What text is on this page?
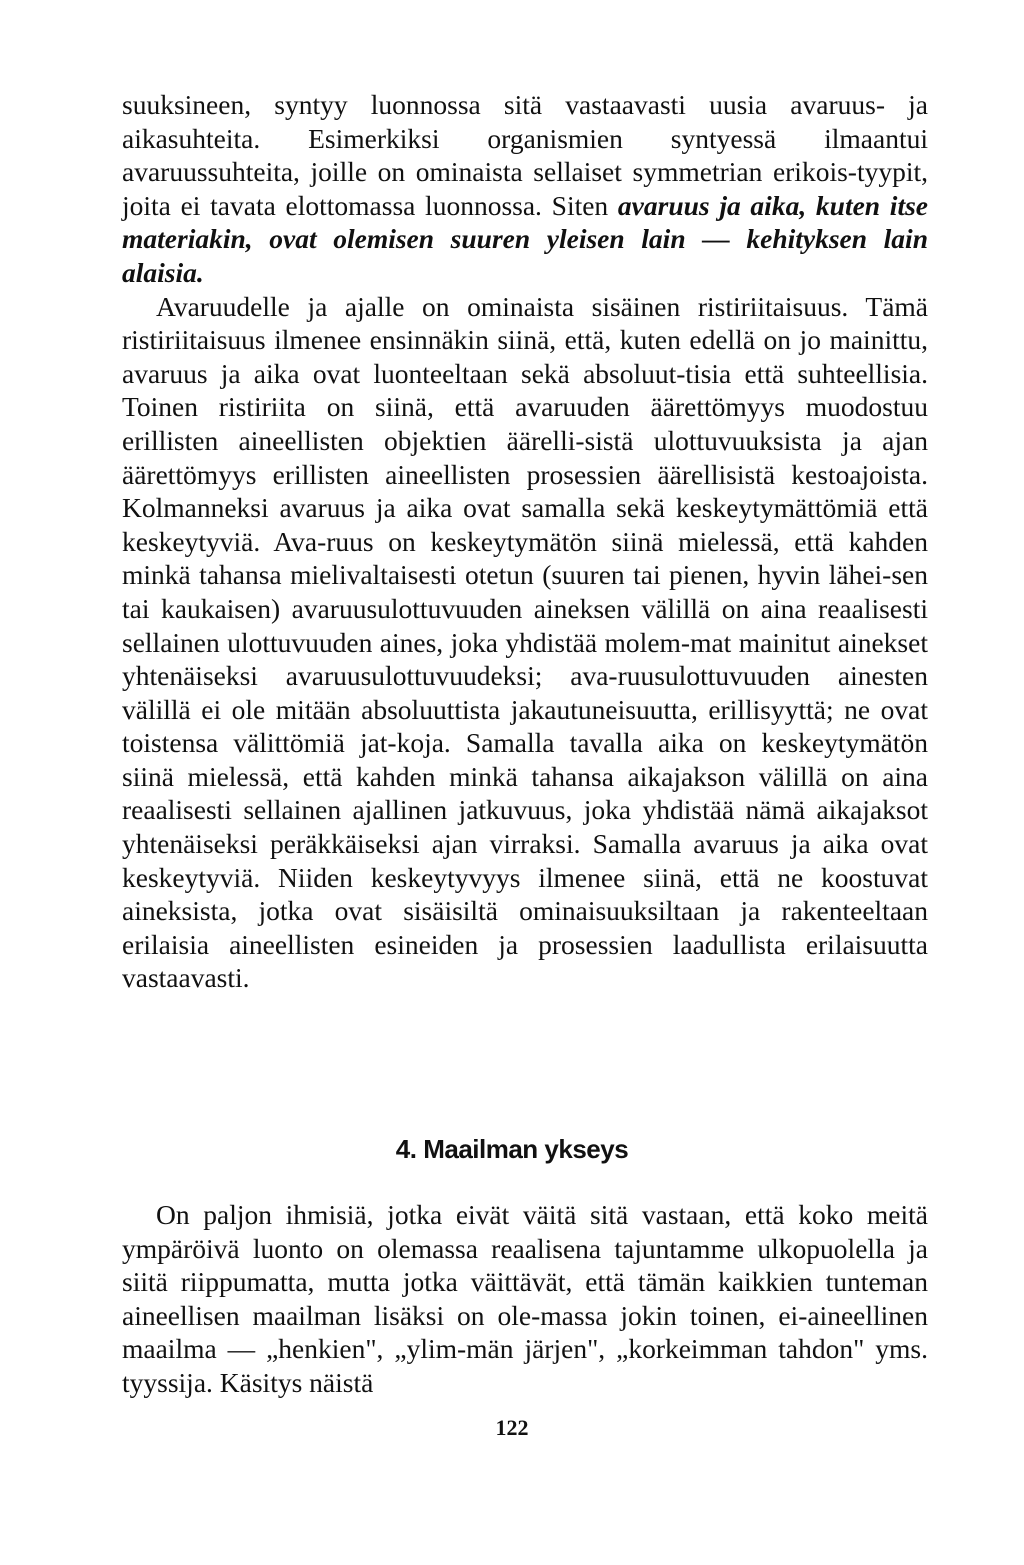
suuksineen, syntyy luonnossa sitä vastaavasti uusia avaruus- ja aikasuhteita. Esimerkiksi organismien syntyessä ilmaantui avaruussuhteita, joille on ominaista sellaiset symmetrian erikois-tyypit, joita ei tavata elottomassa luonnossa. Siten avaruus ja aika, kuten itse materiakin, ovat olemisen suuren yleisen lain — kehityksen lain alaisia.

Avaruudelle ja ajalle on ominaista sisäinen ristiriitaisuus. Tämä ristiriitaisuus ilmenee ensinnäkin siinä, että, kuten edellä on jo mainittu, avaruus ja aika ovat luonteeltaan sekä absoluut-tisia että suhteellisia. Toinen ristiriita on siinä, että avaruuden äärettömyys muodostuu erillisten aineellisten objektien äärelli-sistä ulottuvuuksista ja ajan äärettömyys erillisten aineellisten prosessien äärellisistä kestoajoista. Kolmanneksi avaruus ja aika ovat samalla sekä keskeytymättömiä että keskeytyviä. Ava-ruus on keskeytymätön siinä mielessä, että kahden minkä tahansa mielivaltaisesti otetun (suuren tai pienen, hyvin lähei-sen tai kaukaisen) avaruusulottuvuuden aineksen välillä on aina reaalisesti sellainen ulottuvuuden aines, joka yhdistää molem-mat mainitut ainekset yhtenäiseksi avaruusulottuvuudeksi; ava-ruusulottuvuuden ainesten välillä ei ole mitään absoluuttista jakautuneisuutta, erillisyyttä; ne ovat toistensa välittömiä jat-koja. Samalla tavalla aika on keskeytymätön siinä mielessä, että kahden minkä tahansa aikajakson välillä on aina reaalisesti sellainen ajallinen jatkuvuus, joka yhdistää nämä aikajaksot yhtenäiseksi peräkkäiseksi ajan virraksi. Samalla avaruus ja aika ovat keskeytyviä. Niiden keskeytyvyys ilmenee siinä, että ne koostuvat aineksista, jotka ovat sisäisiltä ominaisuuksiltaan ja rakenteeltaan erilaisia aineellisten esineiden ja prosessien laadullista erilaisuutta vastaavasti.

4. Maailman ykseys

On paljon ihmisiä, jotka eivät väitä sitä vastaan, että koko meitä ympäröivä luonto on olemassa reaalisena tajuntamme ulkopuolella ja siitä riippumatta, mutta jotka väittävät, että tämän kaikkien tunteman aineellisen maailman lisäksi on ole-massa jokin toinen, ei-aineellinen maailma — „henkien", „ylim-män järjen", „korkeimman tahdon" yms. tyyssija. Käsitys näistä

122
